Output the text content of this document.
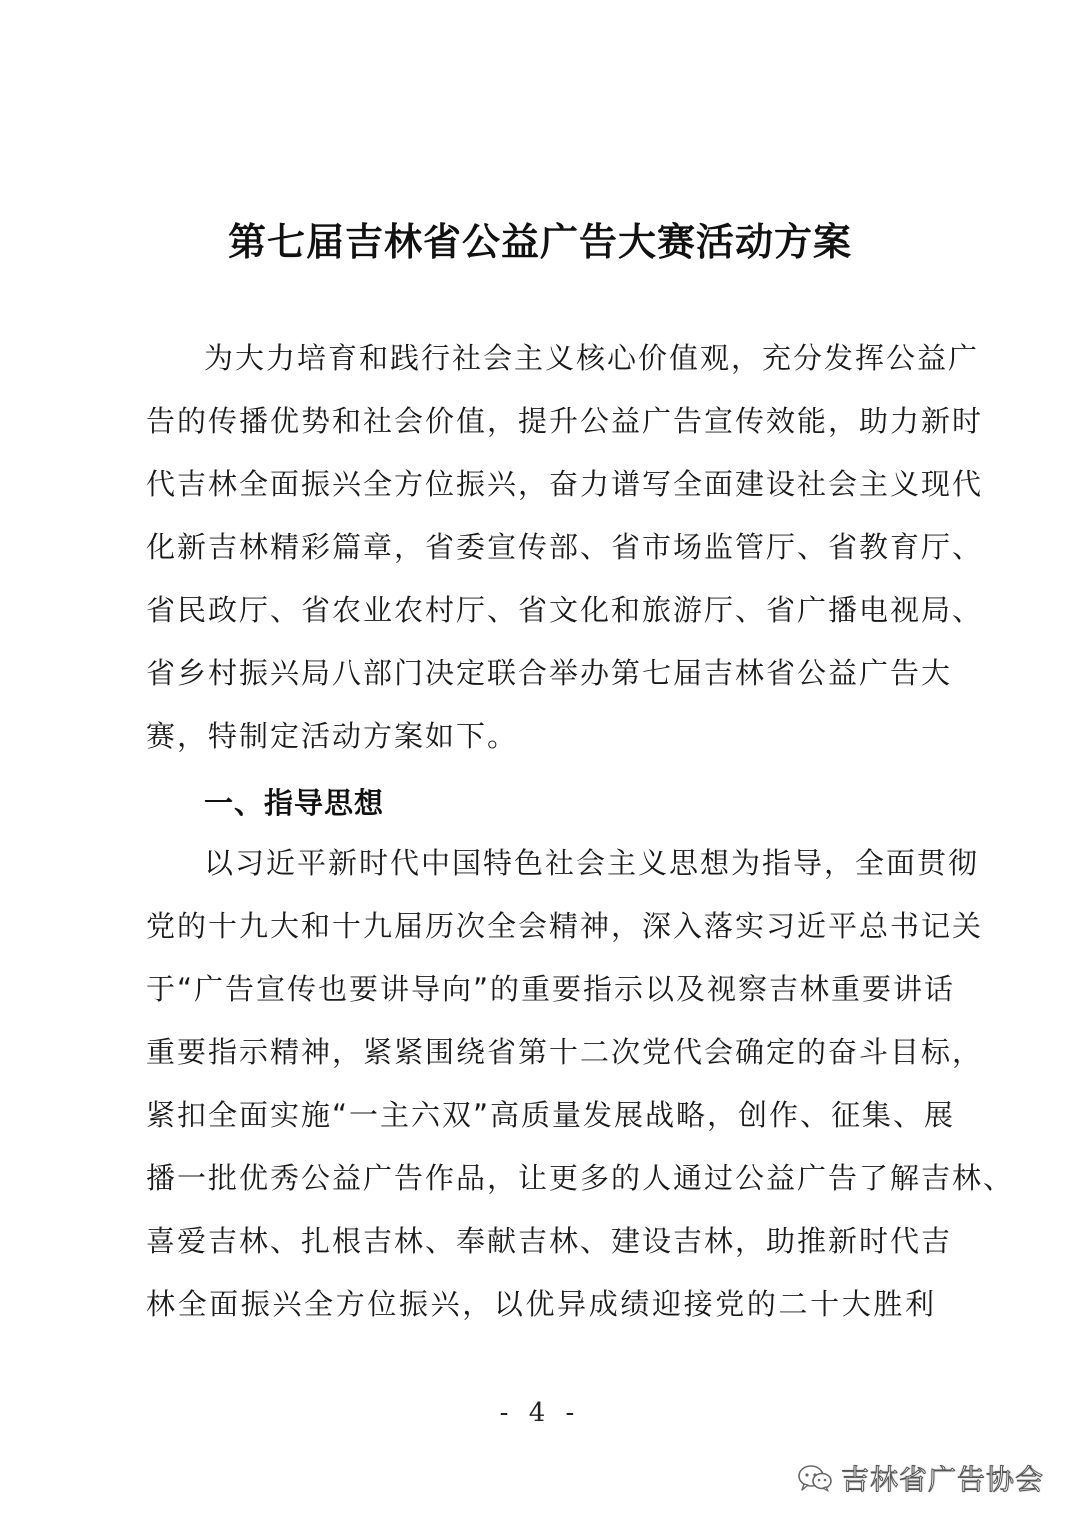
第七届吉林省公益广告大赛活动方案
为大力培育和践行社会主义核心价值观，充分发挥公益广
告的传播优势和社会价值，提升公益广告宣传效能，助力新时
代吉林全面振兴全方位振兴，奋力谱写全面建设社会主义现代
化新吉林精彩篇章，省委宣传部、省市场监管厅、省教育厅、
省民政厅、省农业农村厅、省文化和旅游厅、省广播电视局、
省乡村振兴局八部门决定联合举办第七届吉林省公益广告大
赛，特制定活动方案如下。
一、指导思想
以习近平新时代中国特色社会主义思想为指导，全面贯彻
党的十九大和十九届历次全会精神，深入落实习近平总书记关
于“广告宣传也要讲导向”的重要指示以及视察吉林重要讲话
重要指示精神，紧紧围绕省第十二次党代会确定的奋斗目标，
紧扣全面实施“一主六双”高质量发展战略，创作、征集、展
播一批优秀公益广告作品，让更多的人通过公益广告了解吉林、
喜爱吉林、扎根吉林、奉献吉林、建设吉林，助推新时代吉
林全面振兴全方位振兴，以优异成绩迎接党的二十大胜利
- 4 -
吉林省广告协会
